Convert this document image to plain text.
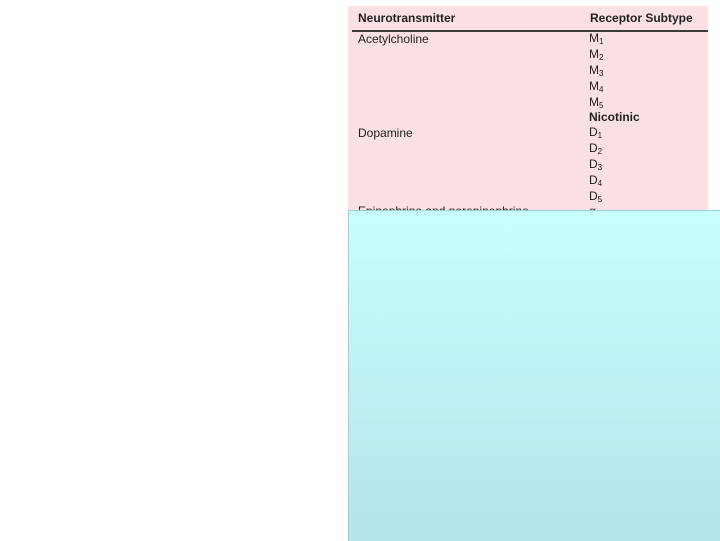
Neurotransmitter	Receptor Subtype
Acetylcholine	$M_1$
$M_2$
$M_3$
$M_4$
$M_5$
Nicotinic
Dopamine	$D_1$
$D_2$
$D_3$
$D_4$
$D_5$
